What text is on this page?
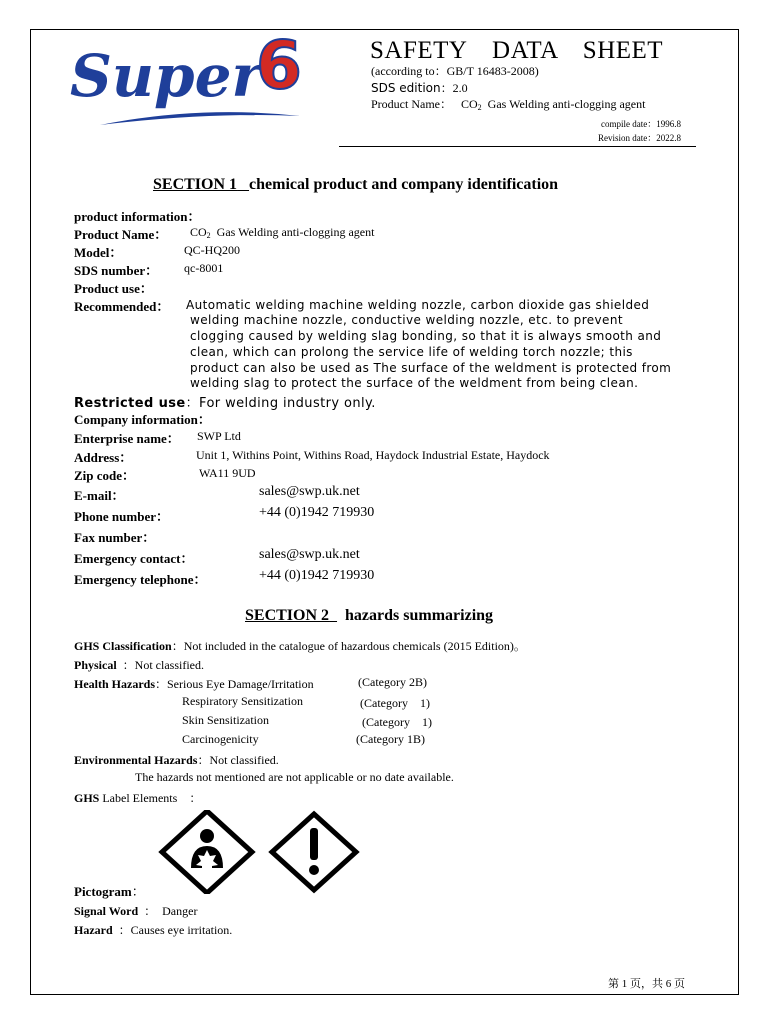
Super
6	SAFETY　DATA　SHEET
(according to：GB/T 16483-2008)
SDS edition：2.0
Product Name： $CO_2$ Gas Welding anti-clogging agent
compile date：1996.8
Revision date：2022.8
SECTION 1 chemical product and company identification
product information：
Product Name： $CO_2$ Gas Welding anti-clogging agent
Model：	QC-HQ200
SDS number： qc-8001
Product use：
Recommended： Automatic welding machine welding nozzle, carbon dioxide gas shielded
welding machine nozzle, conductive welding nozzle, etc. to prevent
clogging caused by welding slag bonding, so that it is always smooth and
clean, which can prolong the service life of welding torch nozzle; this
product can also be used as The surface of the weldment is protected from
welding slag to protect the surface of the weldment from being clean.
Restricted use：For welding industry only.
Company information：
Enterprise name： SWP Ltd
Address：	Unit 1, Withins Point, Withins Road, Haydock Industrial Estate, Haydock
Zip code：	WA11 9UD
E-mail：	sales@swp.uk.net
Phone number：	+44 (0)1942 719930
Fax number：
Emergency contact：	sales@swp.uk.net
Emergency telephone：	+44 (0)1942 719930
SECTION 2 hazards summarizing
GHS Classification：Not included in the catalogue of hazardous chemicals (2015 Edition)。
Physical ：Not classified.
Health Hazards：Serious Eye Damage/Irritation	(Category 2B)
Respiratory Sensitization	(Category　1)
Skin Sensitization	(Category　1)
Carcinogenicity	(Category 1B)
Environmental Hazards：Not classified.
The hazards not mentioned are not applicable or no date available.
GHS Label Elements　：
Pictogram：
Signal Word ：　Danger
Hazard ：Causes eye irritation.
第 1 页，共 6 页
